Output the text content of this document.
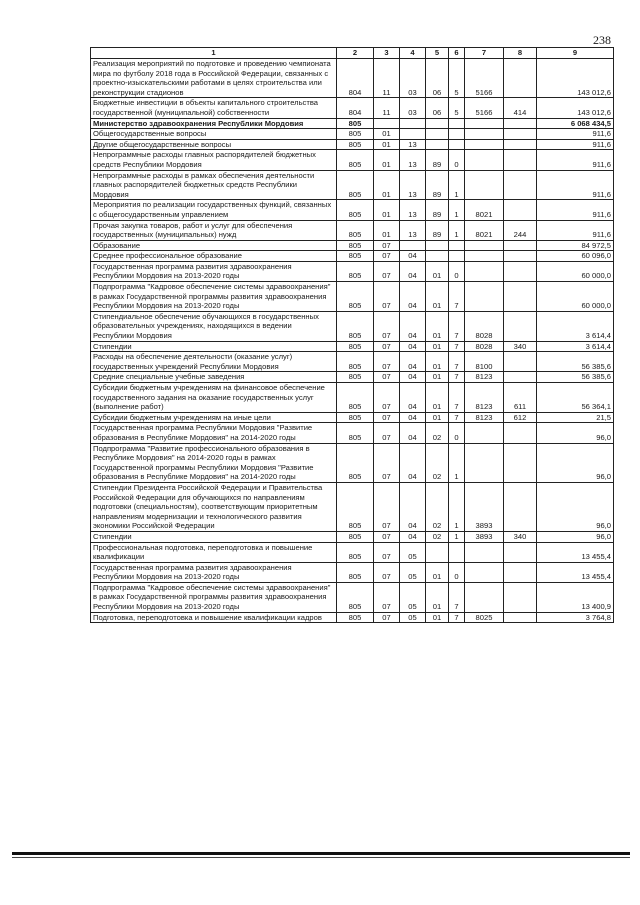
238
1	2	3	4	5	6	7	8	9
Реализация мероприятий по подготовке и проведению чемпионата мира по футболу 2018 года в Российской Федерации, связанных с проектно-изыскательскими работами в целях строительства или реконструкции стадионов	804	11	03	06	5	5166		143 012,6
Бюджетные инвестиции в объекты капитального строительства государственной (муниципальной) собственности	804	11	03	06	5	5166	414	143 012,6
Министерство здравоохранения Республики Мордовия	805							6 068 434,5
Общегосударственные вопросы	805	01						911,6
Другие общегосударственные вопросы	805	01	13					911,6
Непрограммные расходы главных распорядителей бюджетных средств Республики Мордовия	805	01	13	89	0			911,6
Непрограммные расходы в рамках обеспечения деятельности главных распорядителей бюджетных средств Республики Мордовия	805	01	13	89	1			911,6
Мероприятия по реализации государственных функций, связанных с общегосударственным управлением	805	01	13	89	1	8021		911,6
Прочая закупка товаров, работ и услуг для обеспечения государственных (муниципальных) нужд	805	01	13	89	1	8021	244	911,6
Образование	805	07						84 972,5
Среднее профессиональное образование	805	07	04					60 096,0
Государственная программа развития здравоохранения Республики Мордовия на 2013-2020 годы	805	07	04	01	0			60 000,0
Подпрограмма "Кадровое обеспечение системы здравоохранения" в рамках Государственной программы развития здравоохранения Республики Мордовия на 2013-2020 годы	805	07	04	01	7			60 000,0
Стипендиальное обеспечение обучающихся в государственных образовательных учреждениях, находящихся в ведении Республики Мордовия	805	07	04	01	7	8028		3 614,4
Стипендии	805	07	04	01	7	8028	340	3 614,4
Расходы на обеспечение деятельности (оказание услуг) государственных учреждений Республики Мордовия	805	07	04	01	7	8100		56 385,6
Средние специальные учебные заведения	805	07	04	01	7	8123		56 385,6
Субсидии бюджетным учреждениям на финансовое обеспечение государственного задания на оказание государственных услуг (выполнение работ)	805	07	04	01	7	8123	611	56 364,1
Субсидии бюджетным учреждениям на иные цели	805	07	04	01	7	8123	612	21,5
Государственная программа Республики Мордовия "Развитие образования в Республике Мордовия" на 2014-2020 годы	805	07	04	02	0			96,0
Подпрограмма "Развитие профессионального образования в Республике Мордовия" на 2014-2020 годы в рамках Государственной программы Республики Мордовия "Развитие образования в Республике Мордовия" на 2014-2020 годы	805	07	04	02	1			96,0
Стипендии Президента Российской Федерации и Правительства Российской Федерации для обучающихся по направлениям подготовки (специальностям), соответствующим приоритетным направлениям модернизации и технологического развития экономики Российской Федерации	805	07	04	02	1	3893		96,0
Стипендии	805	07	04	02	1	3893	340	96,0
Профессиональная подготовка, переподготовка и повышение квалификации	805	07	05					13 455,4
Государственная программа развития здравоохранения Республики Мордовия на 2013-2020 годы	805	07	05	01	0			13 455,4
Подпрограмма "Кадровое обеспечение системы здравоохранения" в рамках Государственной программы развития здравоохранения Республики Мордовия на 2013-2020 годы	805	07	05	01	7			13 400,9
Подготовка, переподготовка и повышение квалификации кадров	805	07	05	01	7	8025		3 764,8
